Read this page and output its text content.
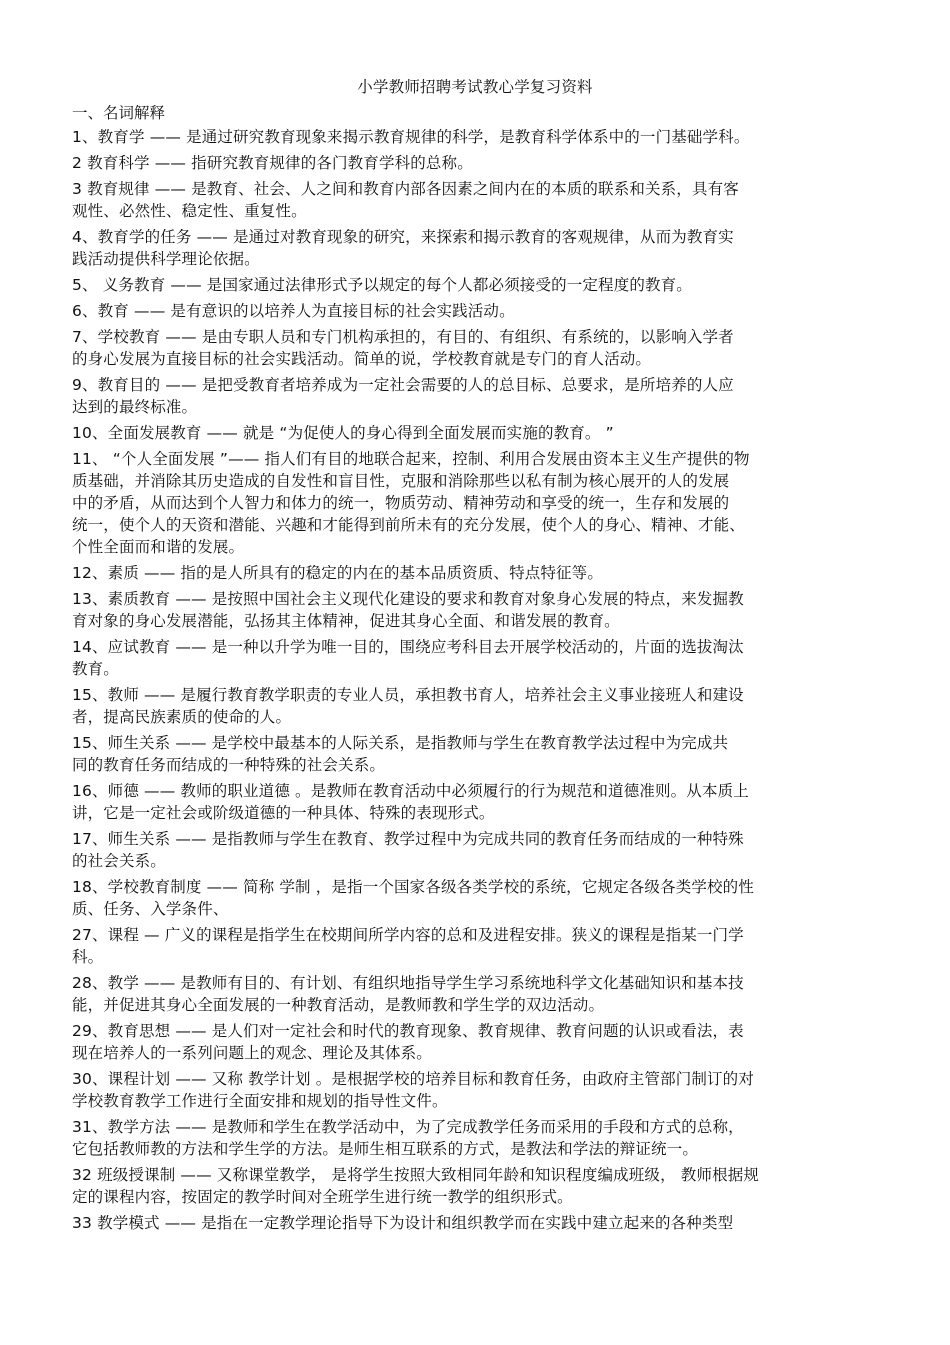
小学教师招聘考试教心学复习资料
一、名词解释
1、教育学 —— 是通过研究教育现象来揭示教育规律的科学，是教育科学体系中的一门基础学科。
2 教育科学 —— 指研究教育规律的各门教育学科的总称。
3 教育规律 —— 是教育、社会、人之间和教育内部各因素之间内在的本质的联系和关系，具有客
观性、必然性、稳定性、重复性。
4、教育学的任务 —— 是通过对教育现象的研究，来探索和揭示教育的客观规律，从而为教育实
践活动提供科学理论依据。
5、 义务教育 —— 是国家通过法律形式予以规定的每个人都必须接受的一定程度的教育。
6、教育 —— 是有意识的以培养人为直接目标的社会实践活动。
7、学校教育 —— 是由专职人员和专门机构承担的，有目的、有组织、有系统的，以影响入学者
的身心发展为直接目标的社会实践活动。简单的说，学校教育就是专门的育人活动。
9、教育目的 —— 是把受教育者培养成为一定社会需要的人的总目标、总要求，是所培养的人应
达到的最终标准。
10、全面发展教育 —— 就是 “为促使人的身心得到全面发展而实施的教育。 ”
11、 “个人全面发展 ”—— 指人们有目的地联合起来，控制、利用合发展由资本主义生产提供的物
质基础，并消除其历史造成的自发性和盲目性，克服和消除那些以私有制为核心展开的人的发展
中的矛盾，从而达到个人智力和体力的统一，物质劳动、精神劳动和享受的统一，生存和发展的
统一，使个人的天资和潜能、兴趣和才能得到前所未有的充分发展，使个人的身心、精神、才能、
个性全面而和谐的发展。
12、素质 —— 指的是人所具有的稳定的内在的基本品质资质、特点特征等。
13、素质教育 —— 是按照中国社会主义现代化建设的要求和教育对象身心发展的特点，来发掘教
育对象的身心发展潜能，弘扬其主体精神，促进其身心全面、和谐发展的教育。
14、应试教育 —— 是一种以升学为唯一目的，围绕应考科目去开展学校活动的，片面的选拔淘汰
教育。
15、教师 —— 是履行教育教学职责的专业人员，承担教书育人，培养社会主义事业接班人和建设
者，提高民族素质的使命的人。
15、师生关系 —— 是学校中最基本的人际关系，是指教师与学生在教育教学法过程中为完成共
同的教育任务而结成的一种特殊的社会关系。
16、师德 —— 教师的职业道德 。是教师在教育活动中必须履行的行为规范和道德准则。从本质上
讲，它是一定社会或阶级道德的一种具体、特殊的表现形式。
17、师生关系 —— 是指教师与学生在教育、教学过程中为完成共同的教育任务而结成的一种特殊
的社会关系。
18、学校教育制度 —— 简称 学制 ，是指一个国家各级各类学校的系统，它规定各级各类学校的性
质、任务、入学条件、
27、课程 — 广义的课程是指学生在校期间所学内容的总和及进程安排。狭义的课程是指某一门学
科。
28、教学 —— 是教师有目的、有计划、有组织地指导学生学习系统地科学文化基础知识和基本技
能，并促进其身心全面发展的一种教育活动，是教师教和学生学的双边活动。
29、教育思想 —— 是人们对一定社会和时代的教育现象、教育规律、教育问题的认识或看法，表
现在培养人的一系列问题上的观念、理论及其体系。
30、课程计划 —— 又称 教学计划 。是根据学校的培养目标和教育任务，由政府主管部门制订的对
学校教育教学工作进行全面安排和规划的指导性文件。
31、教学方法 —— 是教师和学生在教学活动中，为了完成教学任务而采用的手段和方式的总称，
它包括教师教的方法和学生学的方法。是师生相互联系的方式，是教法和学法的辩证统一。
32 班级授课制 —— 又称课堂教学， 是将学生按照大致相同年龄和知识程度编成班级， 教师根据规
定的课程内容，按固定的教学时间对全班学生进行统一教学的组织形式。
33 教学模式 —— 是指在一定教学理论指导下为设计和组织教学而在实践中建立起来的各种类型
